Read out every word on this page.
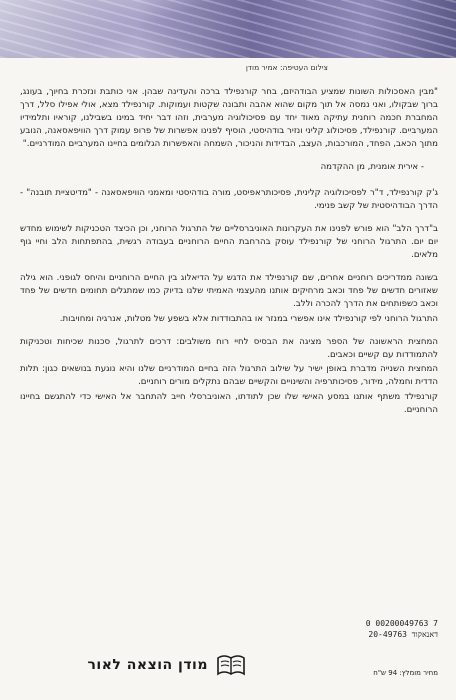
צילום העטיפה: אמיר מודן

"מבין האסכולות השונות שמציע הבודהיזם, בחר קורנפילד ברכה והעדינה שבהן. אני כותבת ונזכרת בחיוך, בעונג, ברוך שבקולו, ואני נמסה אל תוך מקום שהוא אהבה ותבונה שקטות ועמוקות. קורנפילד מצא, אולי אפילו סלל, דרך המחברת חכמה רוחנית עתיקה מאוד יחד עם פסיכולוגיה מערבית, וזהו דבר יחיד במינו בשבילנו, קוראיו ותלמידיו המערביים. קורנפילד, פסיכולוג קליני ונזיר בודהיסטי, הוסיף לפנינו אפשרות של פרופ עמוק דרך הוויפאסאנה, הנובע מתוך הכאב, הפחד, המורכבות, העצב, הבדידות והניכור, השמחה והאפשרות הגלומים בחיינו המערביים המודרניים."

- אירית אומנית, מן ההקדמה

ג'ק קורנפילד, ד"ר לפסיכולוגיה קלינית, פסיכותראפיסט, מורה בודהיסטי ומאמני הוויפאסאנה - "מדיטציית תובנה" - הדרך הבודהיסטית של קשב פנימי.

ב"דרך הלב" הוא פורש לפנינו את העקרונות האוניברסליים של התרגול הרוחני, וכן הכיצד הטכניקות לשימוש מחדש יום יום. התרגול הרוחני של קורנפילד עוסק בהרחבת החיים הרוחניים בעבודה רגשית, בהתפתחות הלב וחיי גוף מלאים.

בשונה ממדריכים רוחניים אחרים, שם קורנפילד את הדגש על הדיאלוג בין החיים הרוחניים והיחס לגופני. הוא גילה שאזורים חדשים של פחד וכאב מרחיקים אותנו מהעצמי האמיתי שלנו בדיוק כמו שמתגלים תחומים חדשים של פחד וכאב כשפותחים את הדרך להכרה וללב.

התרגול הרוחני לפי קורנפילד אינו אפשרי במנזר או בהתבודדות אלא בשפע של מטלות, אנרגיה ומחויבות.

המחצית הראשונה של הספר מציגה את הבסיס לחיי רוח משולבים: דרכים לתרגול, סכנות שכיחות וטכניקות להתמודדות עם קשיים וכאבים.

המחצית השנייה מדברת באופן ישיר על שילוב התרגול הזה בחיים המודרניים שלנו והיא נוגעת בנושאים כגון: תלות הדדית וחמלה, מידור, פסיכותרפיה והשינויים והקשיים שבהם נתקלים מורים רוחניים.

קורנפילד משתף אותנו במסע האישי שלו שכן לתודתו, האוניברסלי חייב להתחבר אל האישי כדי להתגשם בחיינו הרוחניים.

מודן הוצאה לאור
0 00200049763 7
דאנאקוד 20-49763
מחיר מומלץ: 94 ש"ח
